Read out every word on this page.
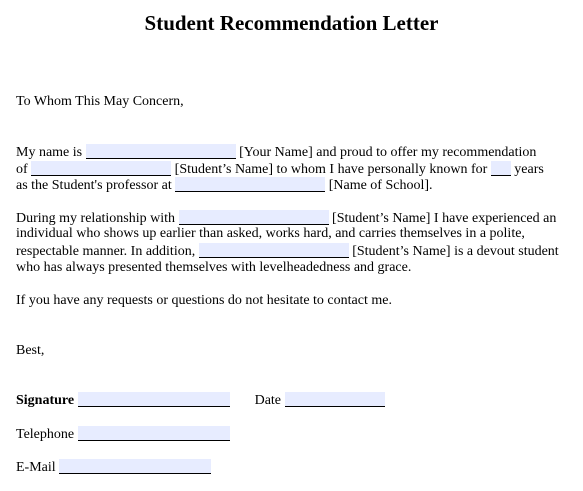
Student Recommendation Letter
To Whom This May Concern,
My name is	[Your Name] and proud to offer my recommendation
of	[Student’s Name] to whom I have personally known for years
as the Student's professor at	[Name of School].
During my relationship with	[Student’s Name] I have experienced an
individual who shows up earlier than asked, works hard, and carries themselves in a polite,
respectable manner. In addition,	[Student’s Name] is a devout student
who has always presented themselves with levelheadedness and grace.
If you have any requests or questions do not hesitate to contact me.
Best,
Signature	Date
Telephone
E-Mail
